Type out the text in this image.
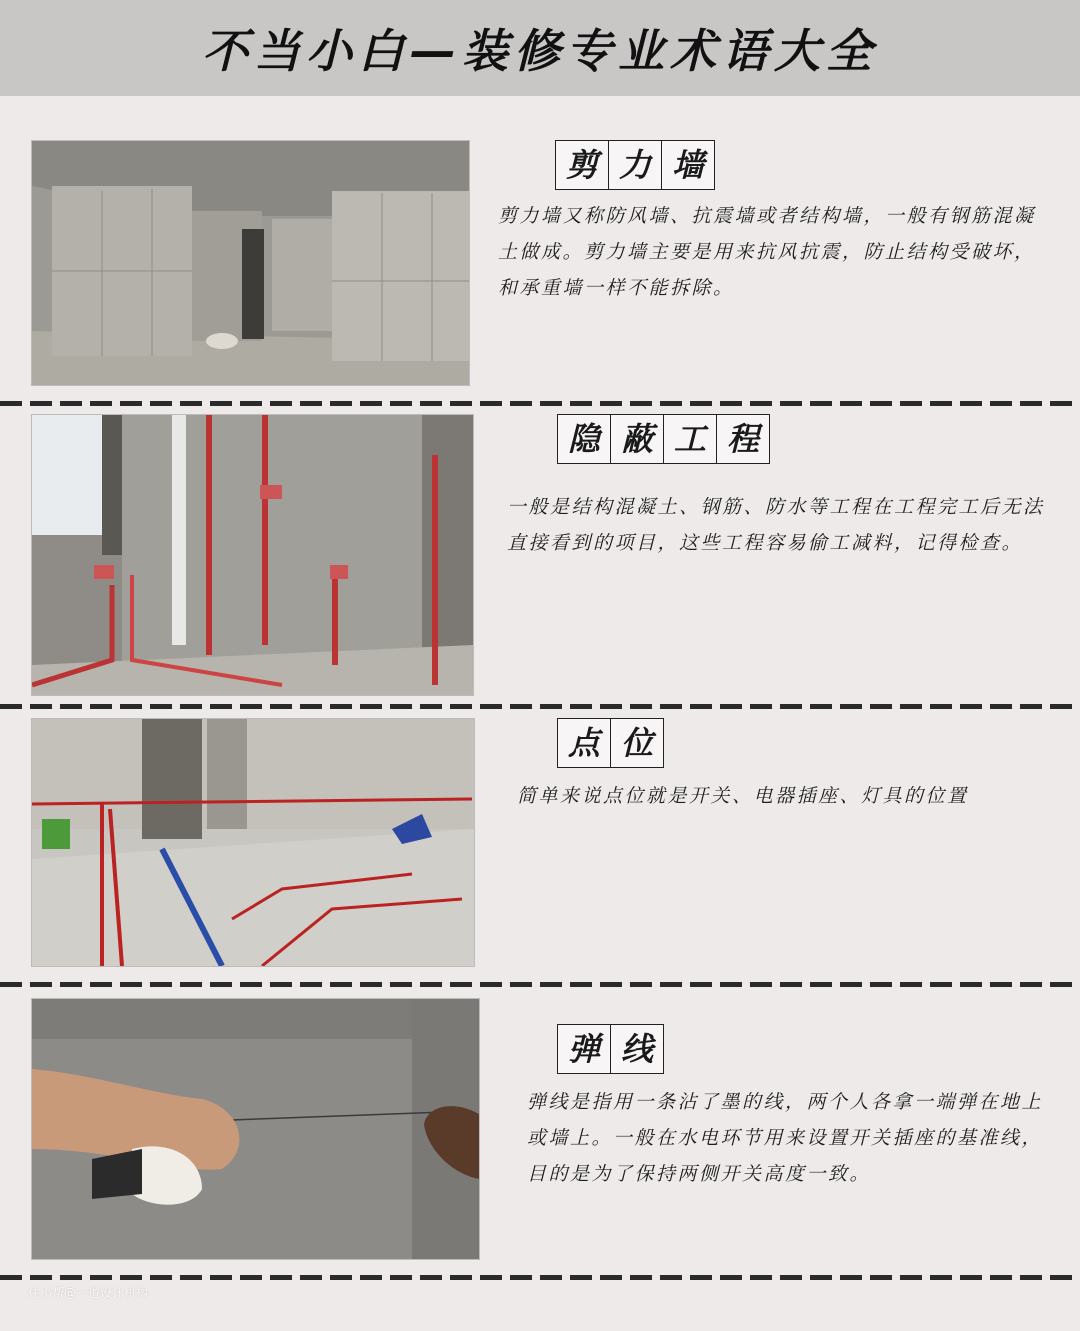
不当小白—装修专业术语大全
剪 力 墙

剪力墙又称防风墙、抗震墙或者结构墙，一般有钢筋混凝土做成。剪力墙主要是用来抗风抗震，防止结构受破坏，和承重墙一样不能拆除。

隐 蔽 工 程

一般是结构混凝土、钢筋、防水等工程在工程完工后无法直接看到的项目，这些工程容易偷工减料，记得检查。

点 位

简单来说点位就是开关、电器插座、灯具的位置

弹 线

弹线是指用一条沾了墨的线，两个人各拿一端弹在地上或墙上。一般在水电环节用来设置开关插座的基准线，目的是为了保持两侧开关高度一致。

住小帮@一道设计机构
